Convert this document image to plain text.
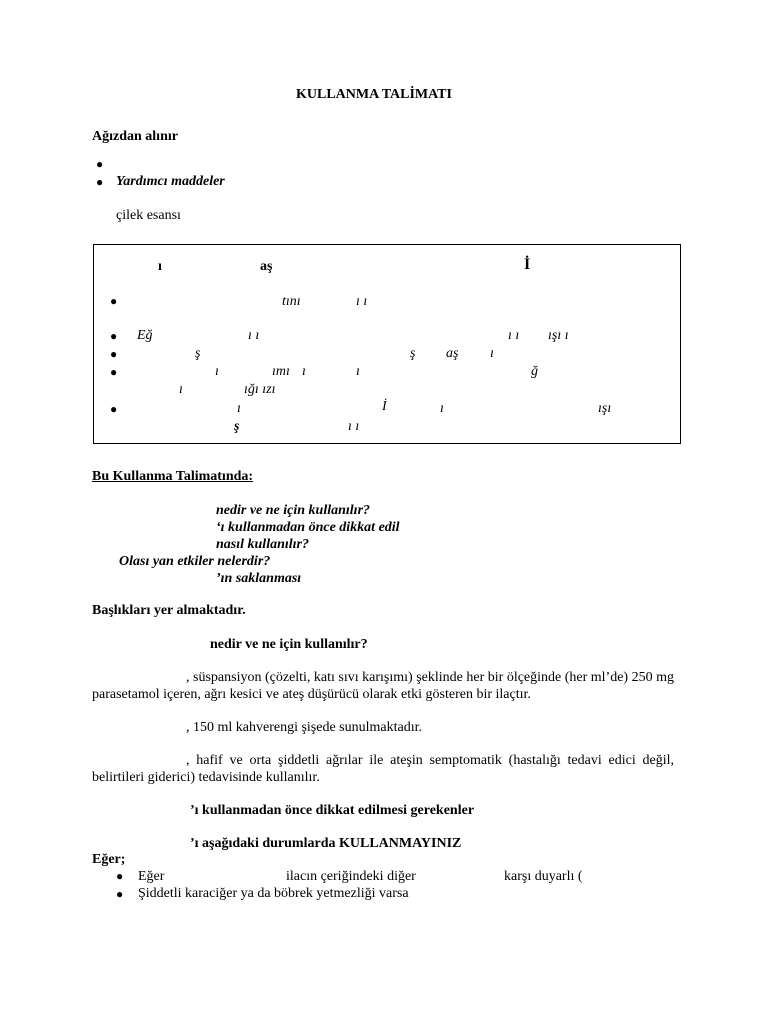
KULLANMA TALİMATI
Ağızdan alınır
●
● Yardımcı maddeler
çilek esansı
ı	aş	İ
●	tını	ı ı
● Eğ	ı ı	ı ı ışı ı
●	ş	ş aş ı
●	ı	ımı ı	ı	ğ
ı	ığı ızı
●	ı	İ	ı	ışı
ş	ı ı
Bu Kullanma Talimatında:
nedir ve ne için kullanılır?
‘ı kullanmadan önce dikkat edil
nasıl kullanılır?
Olası yan etkiler nelerdir?
’ın saklanması
Başlıkları yer almaktadır.
nedir ve ne için kullanılır?
, süspansiyon (çözelti, katı sıvı karışımı) şeklinde her bir ölçeğinde (her ml’de) 250 mg parasetamol içeren, ağrı kesici ve ateş düşürücü olarak etki gösteren bir ilaçtır.
, 150 ml kahverengi şişede sunulmaktadır.
, hafif ve orta şiddetli ağrılar ile ateşin semptomatik (hastalığı tedavi edici değil, belirtileri giderici) tedavisinde kullanılır.
’ı kullanmadan önce dikkat edilmesi gerekenler
’ı aşağıdaki durumlarda KULLANMAYINIZ
Eğer;
● Eğer	ilacın çeriğindeki diğer	karşı duyarlı (
● Şiddetli karaciğer ya da böbrek yetmezliği varsa
